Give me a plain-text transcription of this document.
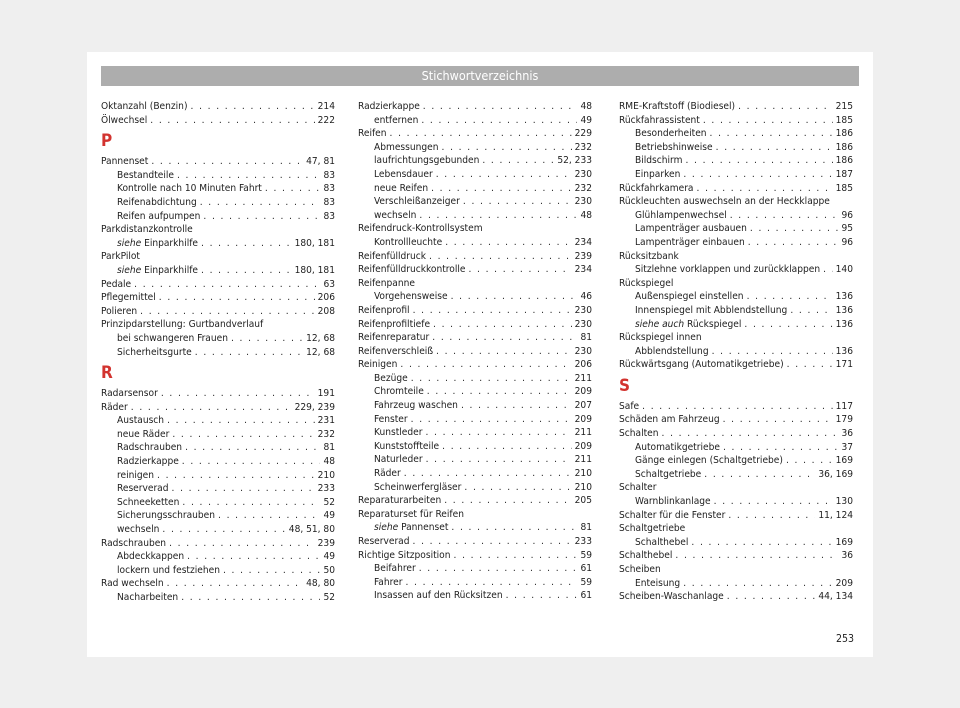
Stichwortverzeichnis
Oktanzahl (Benzin) . . .	214
Ölwechsel . . .	222
P
Pannenset . . .	47, 81
Bestandteile . . .	83
Kontrolle nach 10 Minuten Fahrt . . .	83
Reifenabdichtung . . .	83
Reifen aufpumpen . . .	83
Parkdistanzkontrolle
siehe Einparkhilfe . . .	180, 181
ParkPilot
siehe Einparkhilfe . . .	180, 181
Pedale . . .	63
Pflegemittel . . .	206
Polieren . . .	208
Prinzipdarstellung: Gurtbandverlauf
bei schwangeren Frauen . . .	12, 68
Sicherheitsgurte . . .	12, 68
R
Radarsensor . . .	191
Räder . . .	229, 239
Austausch . . .	231
neue Räder . . .	232
Radschrauben . . .	81
Radzierkappe . . .	48
reinigen . . .	210
Reserverad . . .	233
Schneeketten . . .	52
Sicherungsschrauben . . .	49
wechseln . . .	48, 51, 80
Radschrauben . . .	239
Abdeckkappen . . .	49
lockern und festziehen . . .	50
Rad wechseln . . .	48, 80
Nacharbeiten . . .	52
Radzierkappe . . .	48
entfernen . . .	49
Reifen . . .	229
Abmessungen . . .	232
laufrichtungsgebunden . . .	52, 233
Lebensdauer . . .	230
neue Reifen . . .	232
Verschleißanzeiger . . .	230
wechseln . . .	48
Reifendruck-Kontrollsystem
Kontrollleuchte . . .	234
Reifenfülldruck . . .	239
Reifenfülldruckkontrolle . . .	234
Reifenpanne
Vorgehensweise . . .	46
Reifenprofil . . .	230
Reifenprofiltiefe . . .	230
Reifenreparatur . . .	81
Reifenverschleiß . . .	230
Reinigen . . .	206
Bezüge . . .	211
Chromteile . . .	209
Fahrzeug waschen . . .	207
Fenster . . .	209
Kunstleder . . .	211
Kunststoffteile . . .	209
Naturleder . . .	211
Räder . . .	210
Scheinwerfergläser . . .	210
Reparaturarbeiten . . .	205
Reparaturset für Reifen
siehe Pannenset . . .	81
Reserverad . . .	233
Richtige Sitzposition . . .	59
Beifahrer . . .	61
Fahrer . . .	59
Insassen auf den Rücksitzen . . .	61
RME-Kraftstoff (Biodiesel) . . .	215
Rückfahrassistent . . .	185
Besonderheiten . . .	186
Betriebshinweise . . .	186
Bildschirm . . .	186
Einparken . . .	187
Rückfahrkamera . . .	185
Rückleuchten auswechseln an der Heckklappe
Glühlampenwechsel . . .	96
Lampenträger ausbauen . . .	95
Lampenträger einbauen . . .	96
Rücksitzbank
Sitzlehne vorklappen und zurückklappen . . . 140
Rückspiegel
Außenspiegel einstellen . . .	136
Innenspiegel mit Abblendstellung . . .	136
siehe auch Rückspiegel . . .	136
Rückspiegel innen
Abblendstellung . . .	136
Rückwärtsgang (Automatikgetriebe) . . .	171
S
Safe . . .	117
Schäden am Fahrzeug . . .	179
Schalten . . .	36
Automatikgetriebe . . .	37
Gänge einlegen (Schaltgetriebe) . . .	169
Schaltgetriebe . . .	36, 169
Schalter
Warnblinkanlage . . .	130
Schalter für die Fenster . . .	11, 124
Schaltgetriebe
Schalthebel . . .	169
Schalthebel . . .	36
Scheiben
Enteisung . . .	209
Scheiben-Waschanlage . . .	44, 134
253
